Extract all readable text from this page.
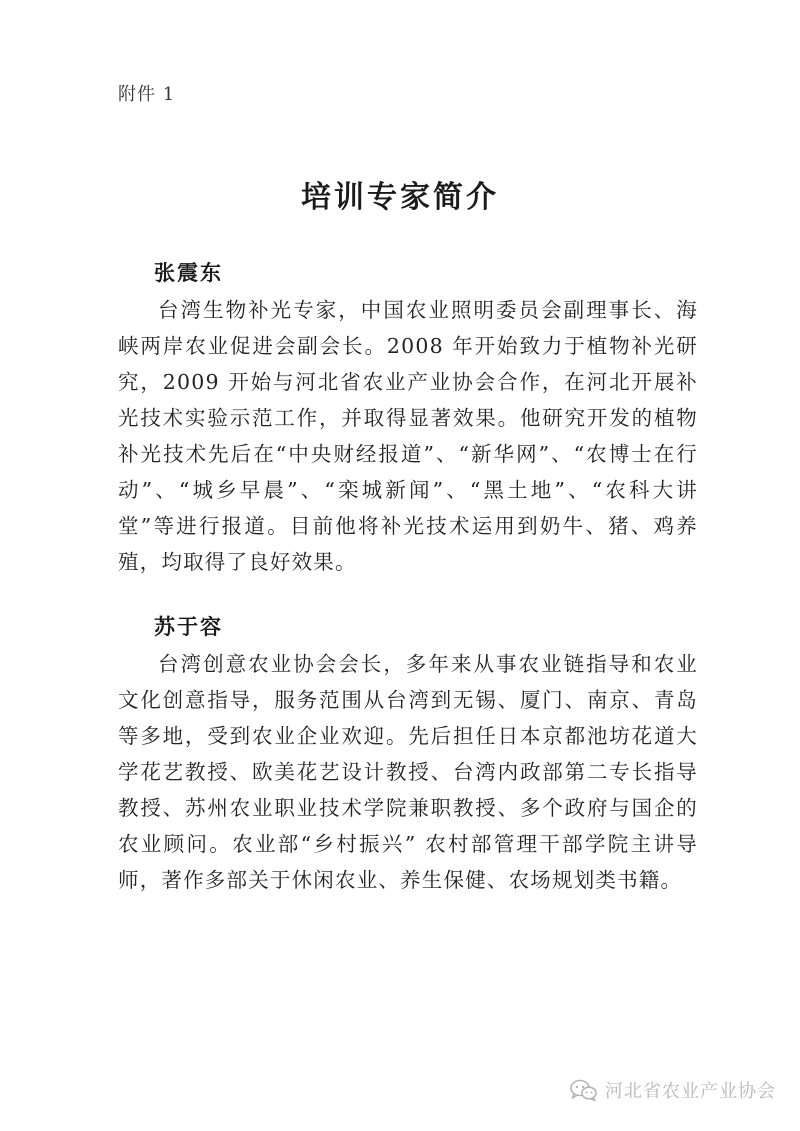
附件 1
培训专家简介
张震东

台湾生物补光专家，中国农业照明委员会副理事长、海峡两岸农业促进会副会长。2008 年开始致力于植物补光研究，2009 开始与河北省农业产业协会合作，在河北开展补光技术实验示范工作，并取得显著效果。他研究开发的植物补光技术先后在“中央财经报道”、“新华网”、“农博士在行动”、“城乡早晨”、“栾城新闻”、“黑土地”、“农科大讲堂”等进行报道。目前他将补光技术运用到奶牛、猪、鸡养殖，均取得了良好效果。

苏于容

台湾创意农业协会会长，多年来从事农业链指导和农业文化创意指导，服务范围从台湾到无锡、厦门、南京、青岛等多地，受到农业企业欢迎。先后担任日本京都池坊花道大学花艺教授、欧美花艺设计教授、台湾内政部第二专长指导教授、苏州农业职业技术学院兼职教授、多个政府与国企的农业顾问。农业部“乡村振兴” 农村部管理干部学院主讲导师，著作多部关于休闲农业、养生保健、农场规划类书籍。

河北省农业产业协会
